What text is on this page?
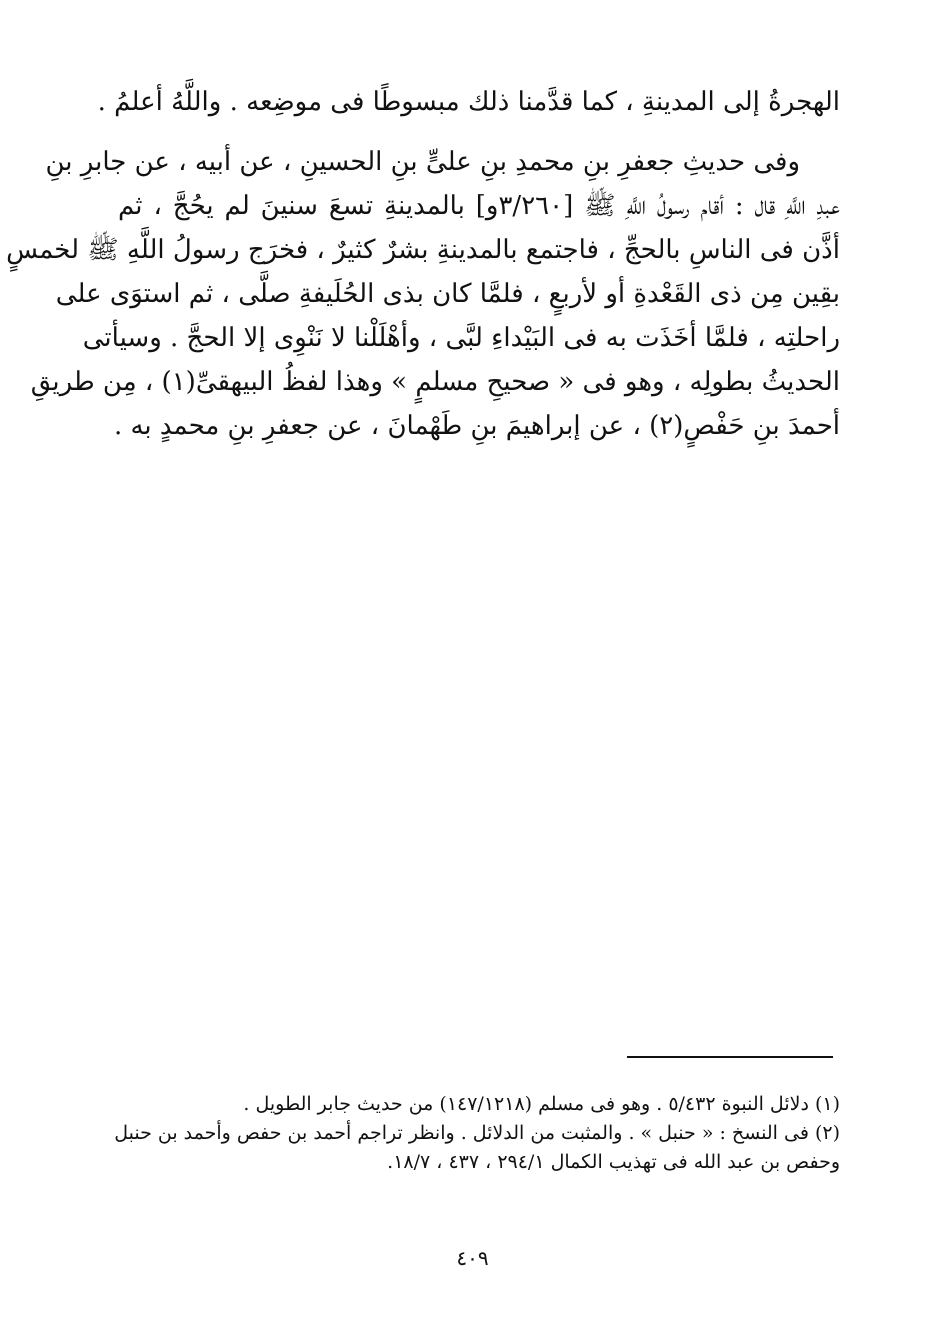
الهجرةُ إلى المدينةِ ، كما قدَّمنا ذلك مبسوطًا فى موضِعه . واللَّهُ أعلمُ .
وفى حديثِ جعفرِ بنِ محمدِ بنِ علىٍّ بنِ الحسينِ ، عن أبيه ، عن جابرِ بنِ
عبدِ اللَّهِ قال : أقام رسولُ اللَّهِ ﷺ [٣/٢٦٠و] بالمدينةِ تسعَ سنينَ لم يحُجَّ ، ثم
أذَّن فى الناسِ بالحجِّ ، فاجتمع بالمدينةِ بشرٌ كثيرٌ ، فخرَج رسولُ اللَّهِ ﷺ لخمسٍ
بقِين مِن ذى القَعْدةِ أو لأربعٍ ، فلمَّا كان بذى الحُلَيفةِ صلَّى ، ثم استوَى على
راحلتِه ، فلمَّا أخَذَت به فى البَيْداءِ لبَّى ، وأهْلَلْنا لا نَنْوِى إلا الحجَّ . وسيأتى
الحديثُ بطولِه ، وهو فى « صحيحِ مسلمٍ » وهذا لفظُ البيهقىِّ(١) ، مِن طريقِ
أحمدَ بنِ حَفْصٍ(٢) ، عن إبراهيمَ بنِ طَهْمانَ ، عن جعفرِ بنِ محمدٍ به .
(١) دلائل النبوة ٥/٤٣٢ . وهو فى مسلم (١٤٧/١٢١٨) من حديث جابر الطويل .
(٢) فى النسخ : « حنبل » . والمثبت من الدلائل . وانظر تراجم أحمد بن حفص وأحمد بن حنبل
وحفص بن عبد الله فى تهذيب الكمال ٢٩٤/١ ، ٤٣٧ ، ١٨/٧.
٤٠٩
